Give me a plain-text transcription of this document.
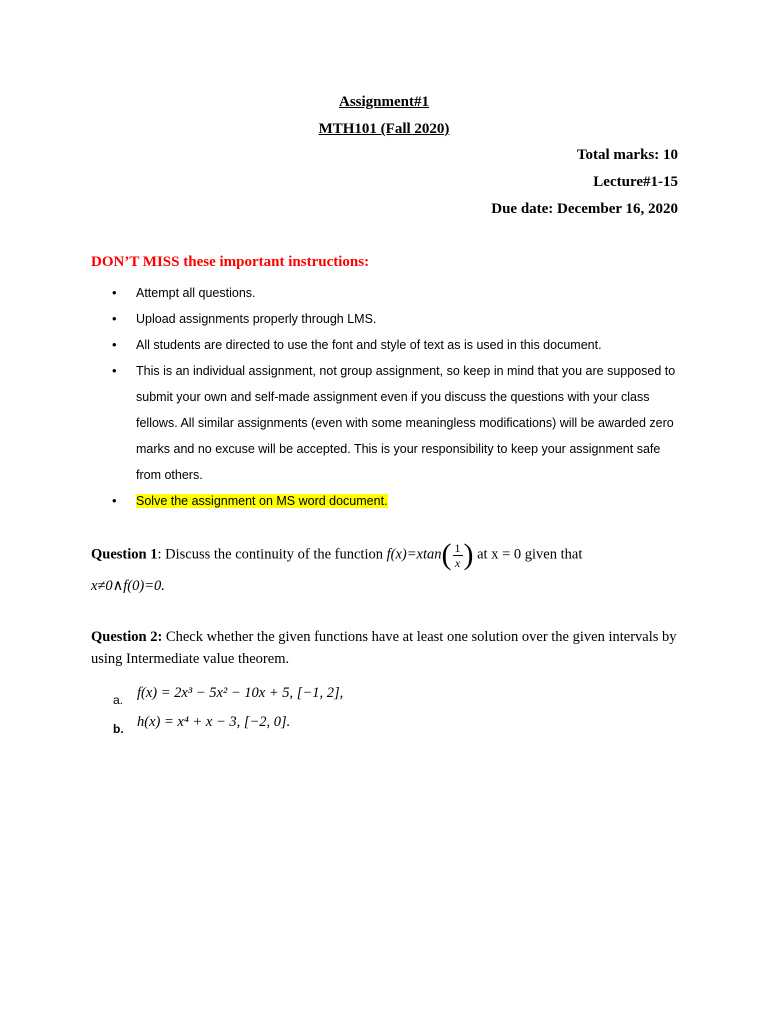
Assignment#1
MTH101 (Fall 2020)
Total marks: 10
Lecture#1-15
Due date: December 16, 2020
DON’T MISS these important instructions:
• Attempt all questions.
• Upload assignments properly through LMS.
• All students are directed to use the font and style of text as is used in this document.
• This is an individual assignment, not group assignment, so keep in mind that you are supposed to submit your own and self-made assignment even if you discuss the questions with your class fellows. All similar assignments (even with some meaningless modifications) will be awarded zero marks and no excuse will be accepted. This is your responsibility to keep your assignment safe from others.
• Solve the assignment on MS word document.
Question 1: Discuss the continuity of the function $f(x)=xtan( \frac{1}{x}$ ) at x = 0 given that
x≠0∧f(0)=0.
Question 2: Check whether the given functions have at least one solution over the given intervals by using Intermediate value theorem.
a. f(x) = 2x³ − 5x² − 10x + 5, [−1, 2],
b. h(x) = x⁴ + x − 3, [−2, 0].
